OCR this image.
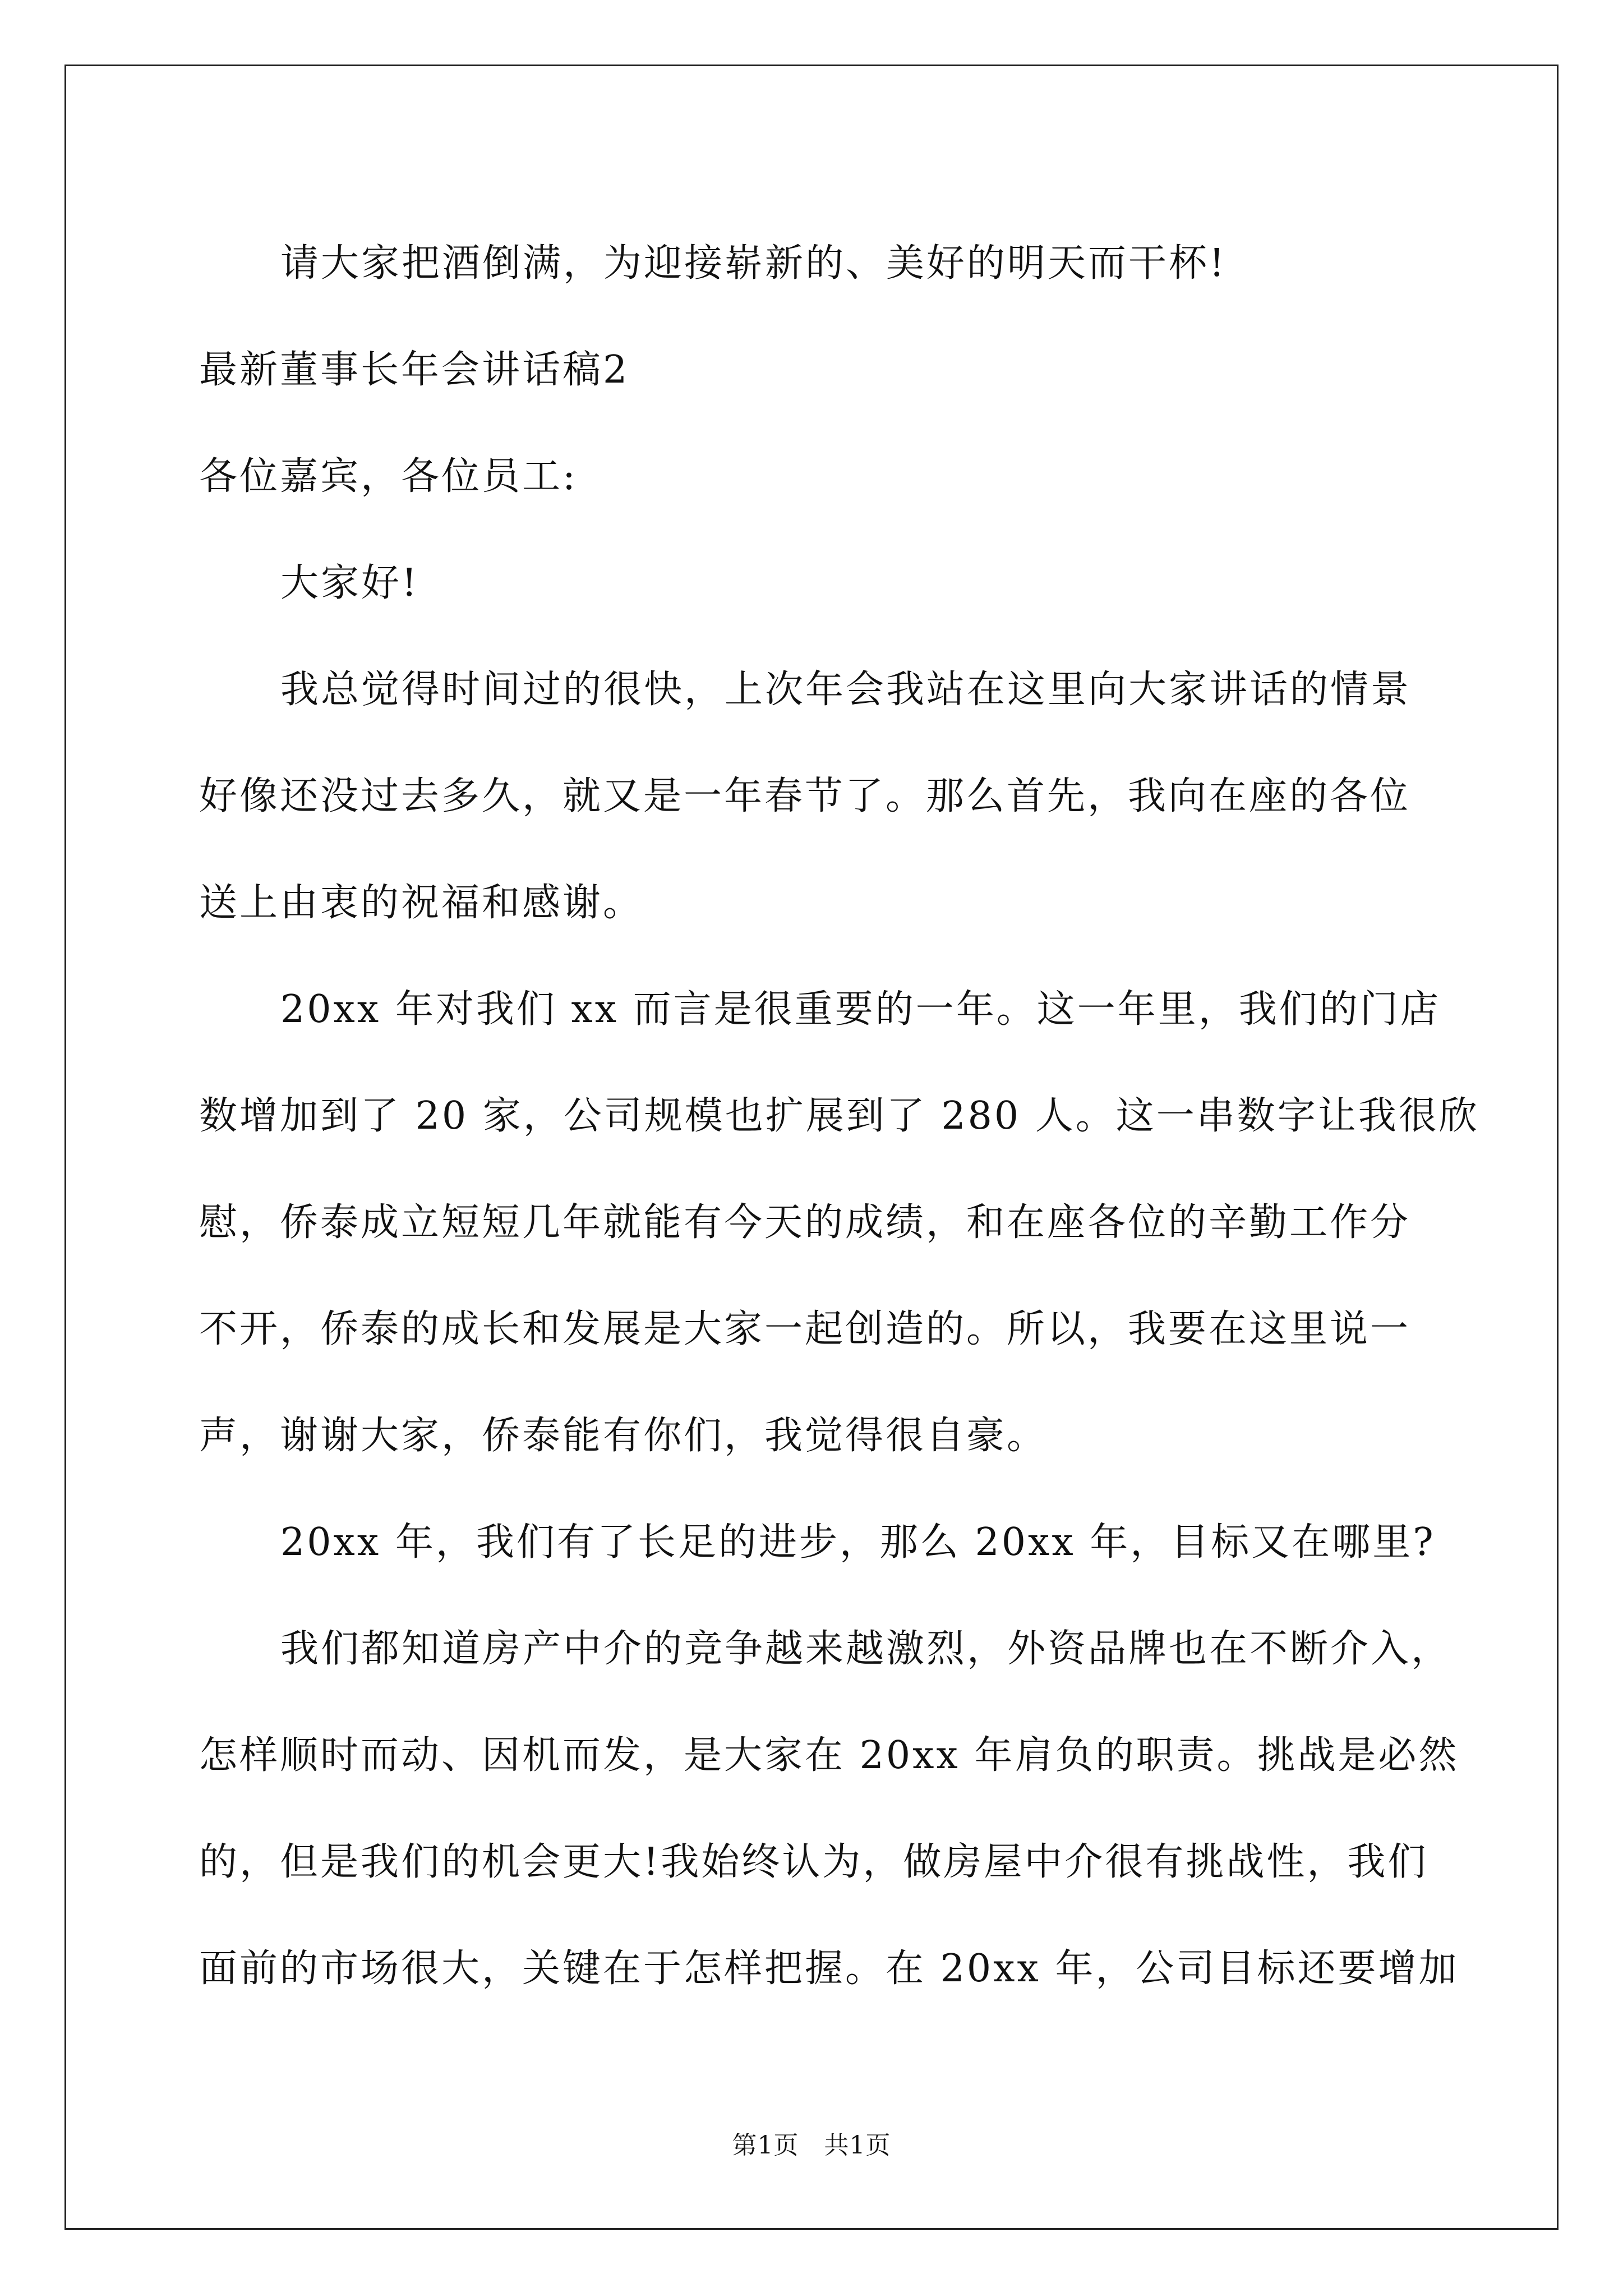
请大家把酒倒满，为迎接崭新的、美好的明天而干杯!
最新董事长年会讲话稿2
各位嘉宾，各位员工:
大家好!
我总觉得时间过的很快，上次年会我站在这里向大家讲话的情景
好像还没过去多久，就又是一年春节了。那么首先，我向在座的各位
送上由衷的祝福和感谢。
20xx 年对我们 xx 而言是很重要的一年。这一年里，我们的门店
数增加到了 20 家，公司规模也扩展到了 280 人。这一串数字让我很欣
慰，侨泰成立短短几年就能有今天的成绩，和在座各位的辛勤工作分
不开，侨泰的成长和发展是大家一起创造的。所以，我要在这里说一
声，谢谢大家，侨泰能有你们，我觉得很自豪。
20xx 年，我们有了长足的进步，那么 20xx 年，目标又在哪里?
我们都知道房产中介的竞争越来越激烈，外资品牌也在不断介入，
怎样顺时而动、因机而发，是大家在 20xx 年肩负的职责。挑战是必然
的，但是我们的机会更大!我始终认为，做房屋中介很有挑战性，我们
面前的市场很大，关键在于怎样把握。在 20xx 年，公司目标还要增加
第1页　共1页
